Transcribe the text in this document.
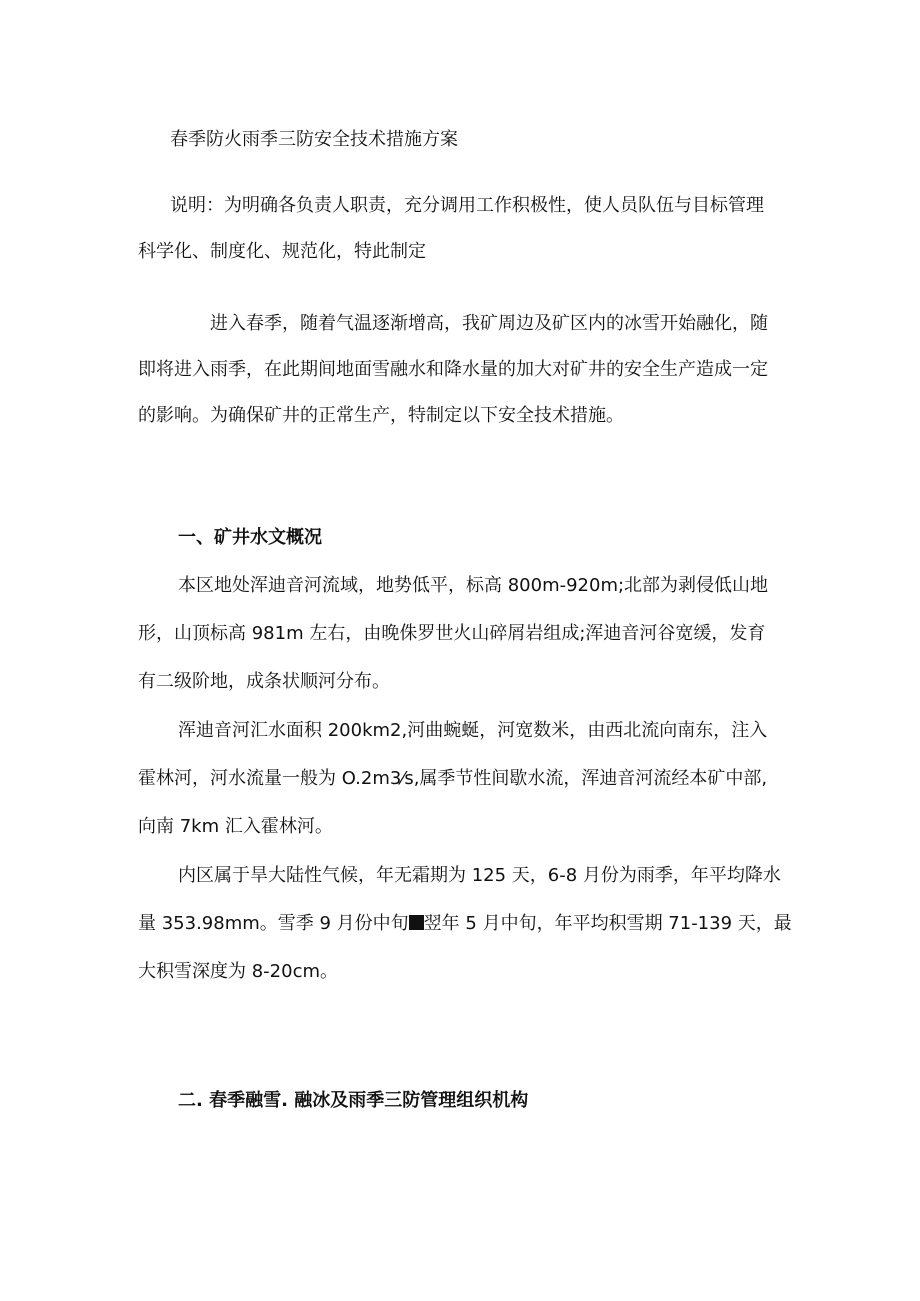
春季防火雨季三防安全技术措施方案
说明：为明确各负责人职责，充分调用工作积极性，使人员队伍与目标管理
科学化、制度化、规范化，特此制定
进入春季，随着气温逐渐增高，我矿周边及矿区内的冰雪开始融化，随
即将进入雨季，在此期间地面雪融水和降水量的加大对矿井的安全生产造成一定
的影响。为确保矿井的正常生产，特制定以下安全技术措施。
一、矿井水文概况
本区地处浑迪音河流域，地势低平，标高 800m-920m;北部为剥侵低山地
形，山顶标高 981m 左右，由晚侏罗世火山碎屑岩组成;浑迪音河谷宽缓，发育
有二级阶地，成条状顺河分布。
浑迪音河汇水面积 200km2,河曲蜿蜒，河宽数米，由西北流向南东，注入
霍林河，河水流量一般为 O.2m3⁄s,属季节性间歇水流，浑迪音河流经本矿中部,
向南 7km 汇入霍林河。
内区属于旱大陆性气候，年无霜期为 125 天，6-8 月份为雨季，年平均降水
量 353.98mm。雪季 9 月份中旬 翌年 5 月中旬，年平均积雪期 71-139 天，最
大积雪深度为 8-20cm。
二. 春季融雪. 融冰及雨季三防管理组织机构
